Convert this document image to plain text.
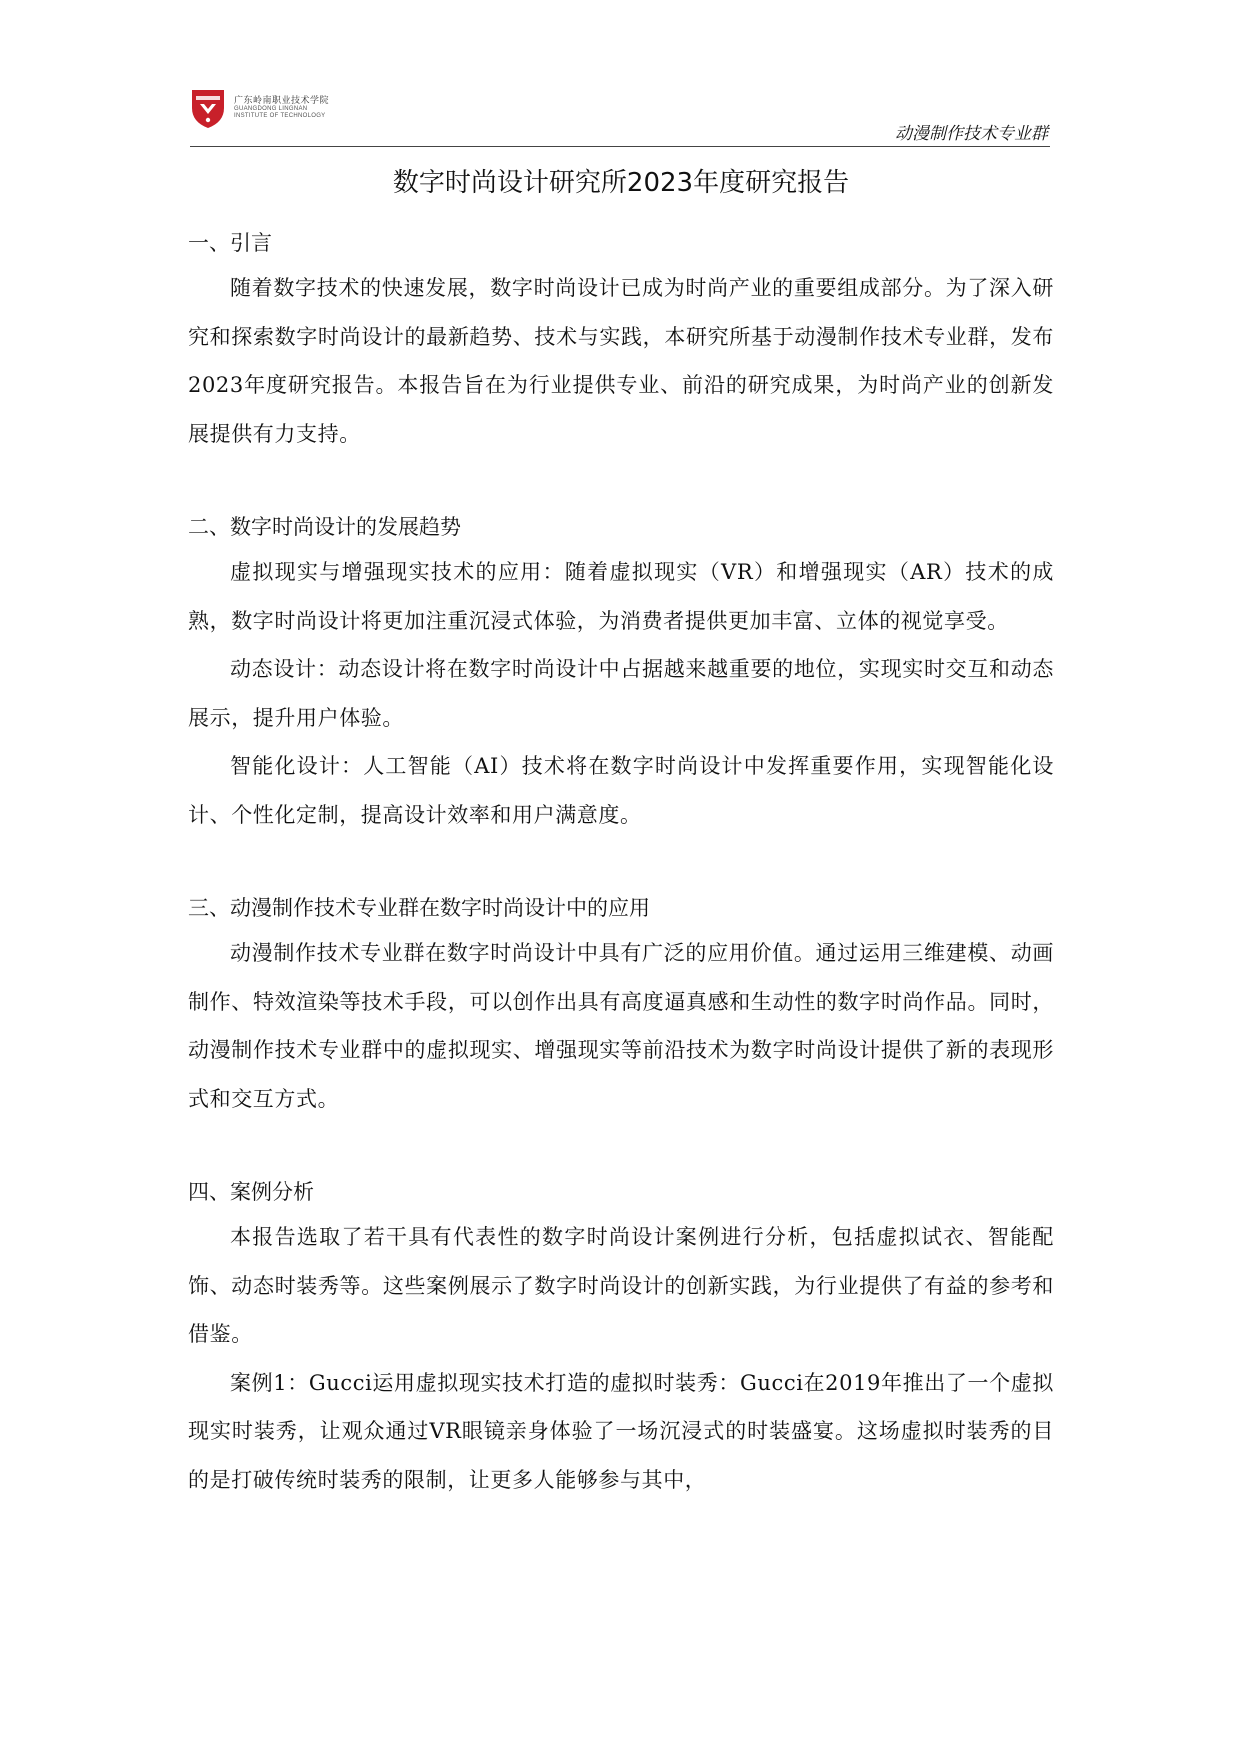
广东岭南职业技术学院
GUANGDONG LINGNAN
INSTITUTE OF TECHNOLOGY
动漫制作技术专业群
数字时尚设计研究所2023年度研究报告
一、引言

随着数字技术的快速发展，数字时尚设计已成为时尚产业的重要组成部分。为了深入研究和探索数字时尚设计的最新趋势、技术与实践，本研究所基于动漫制作技术专业群，发布2023年度研究报告。本报告旨在为行业提供专业、前沿的研究成果，为时尚产业的创新发展提供有力支持。

二、数字时尚设计的发展趋势

虚拟现实与增强现实技术的应用：随着虚拟现实（VR）和增强现实（AR）技术的成熟，数字时尚设计将更加注重沉浸式体验，为消费者提供更加丰富、立体的视觉享受。

动态设计：动态设计将在数字时尚设计中占据越来越重要的地位，实现实时交互和动态展示，提升用户体验。

智能化设计：人工智能（AI）技术将在数字时尚设计中发挥重要作用，实现智能化设计、个性化定制，提高设计效率和用户满意度。

三、动漫制作技术专业群在数字时尚设计中的应用

动漫制作技术专业群在数字时尚设计中具有广泛的应用价值。通过运用三维建模、动画制作、特效渲染等技术手段，可以创作出具有高度逼真感和生动性的数字时尚作品。同时，动漫制作技术专业群中的虚拟现实、增强现实等前沿技术为数字时尚设计提供了新的表现形式和交互方式。

四、案例分析

本报告选取了若干具有代表性的数字时尚设计案例进行分析，包括虚拟试衣、智能配饰、动态时装秀等。这些案例展示了数字时尚设计的创新实践，为行业提供了有益的参考和借鉴。

案例1：Gucci运用虚拟现实技术打造的虚拟时装秀：Gucci在2019年推出了一个虚拟现实时装秀，让观众通过VR眼镜亲身体验了一场沉浸式的时装盛宴。这场虚拟时装秀的目的是打破传统时装秀的限制，让更多人能够参与其中，
